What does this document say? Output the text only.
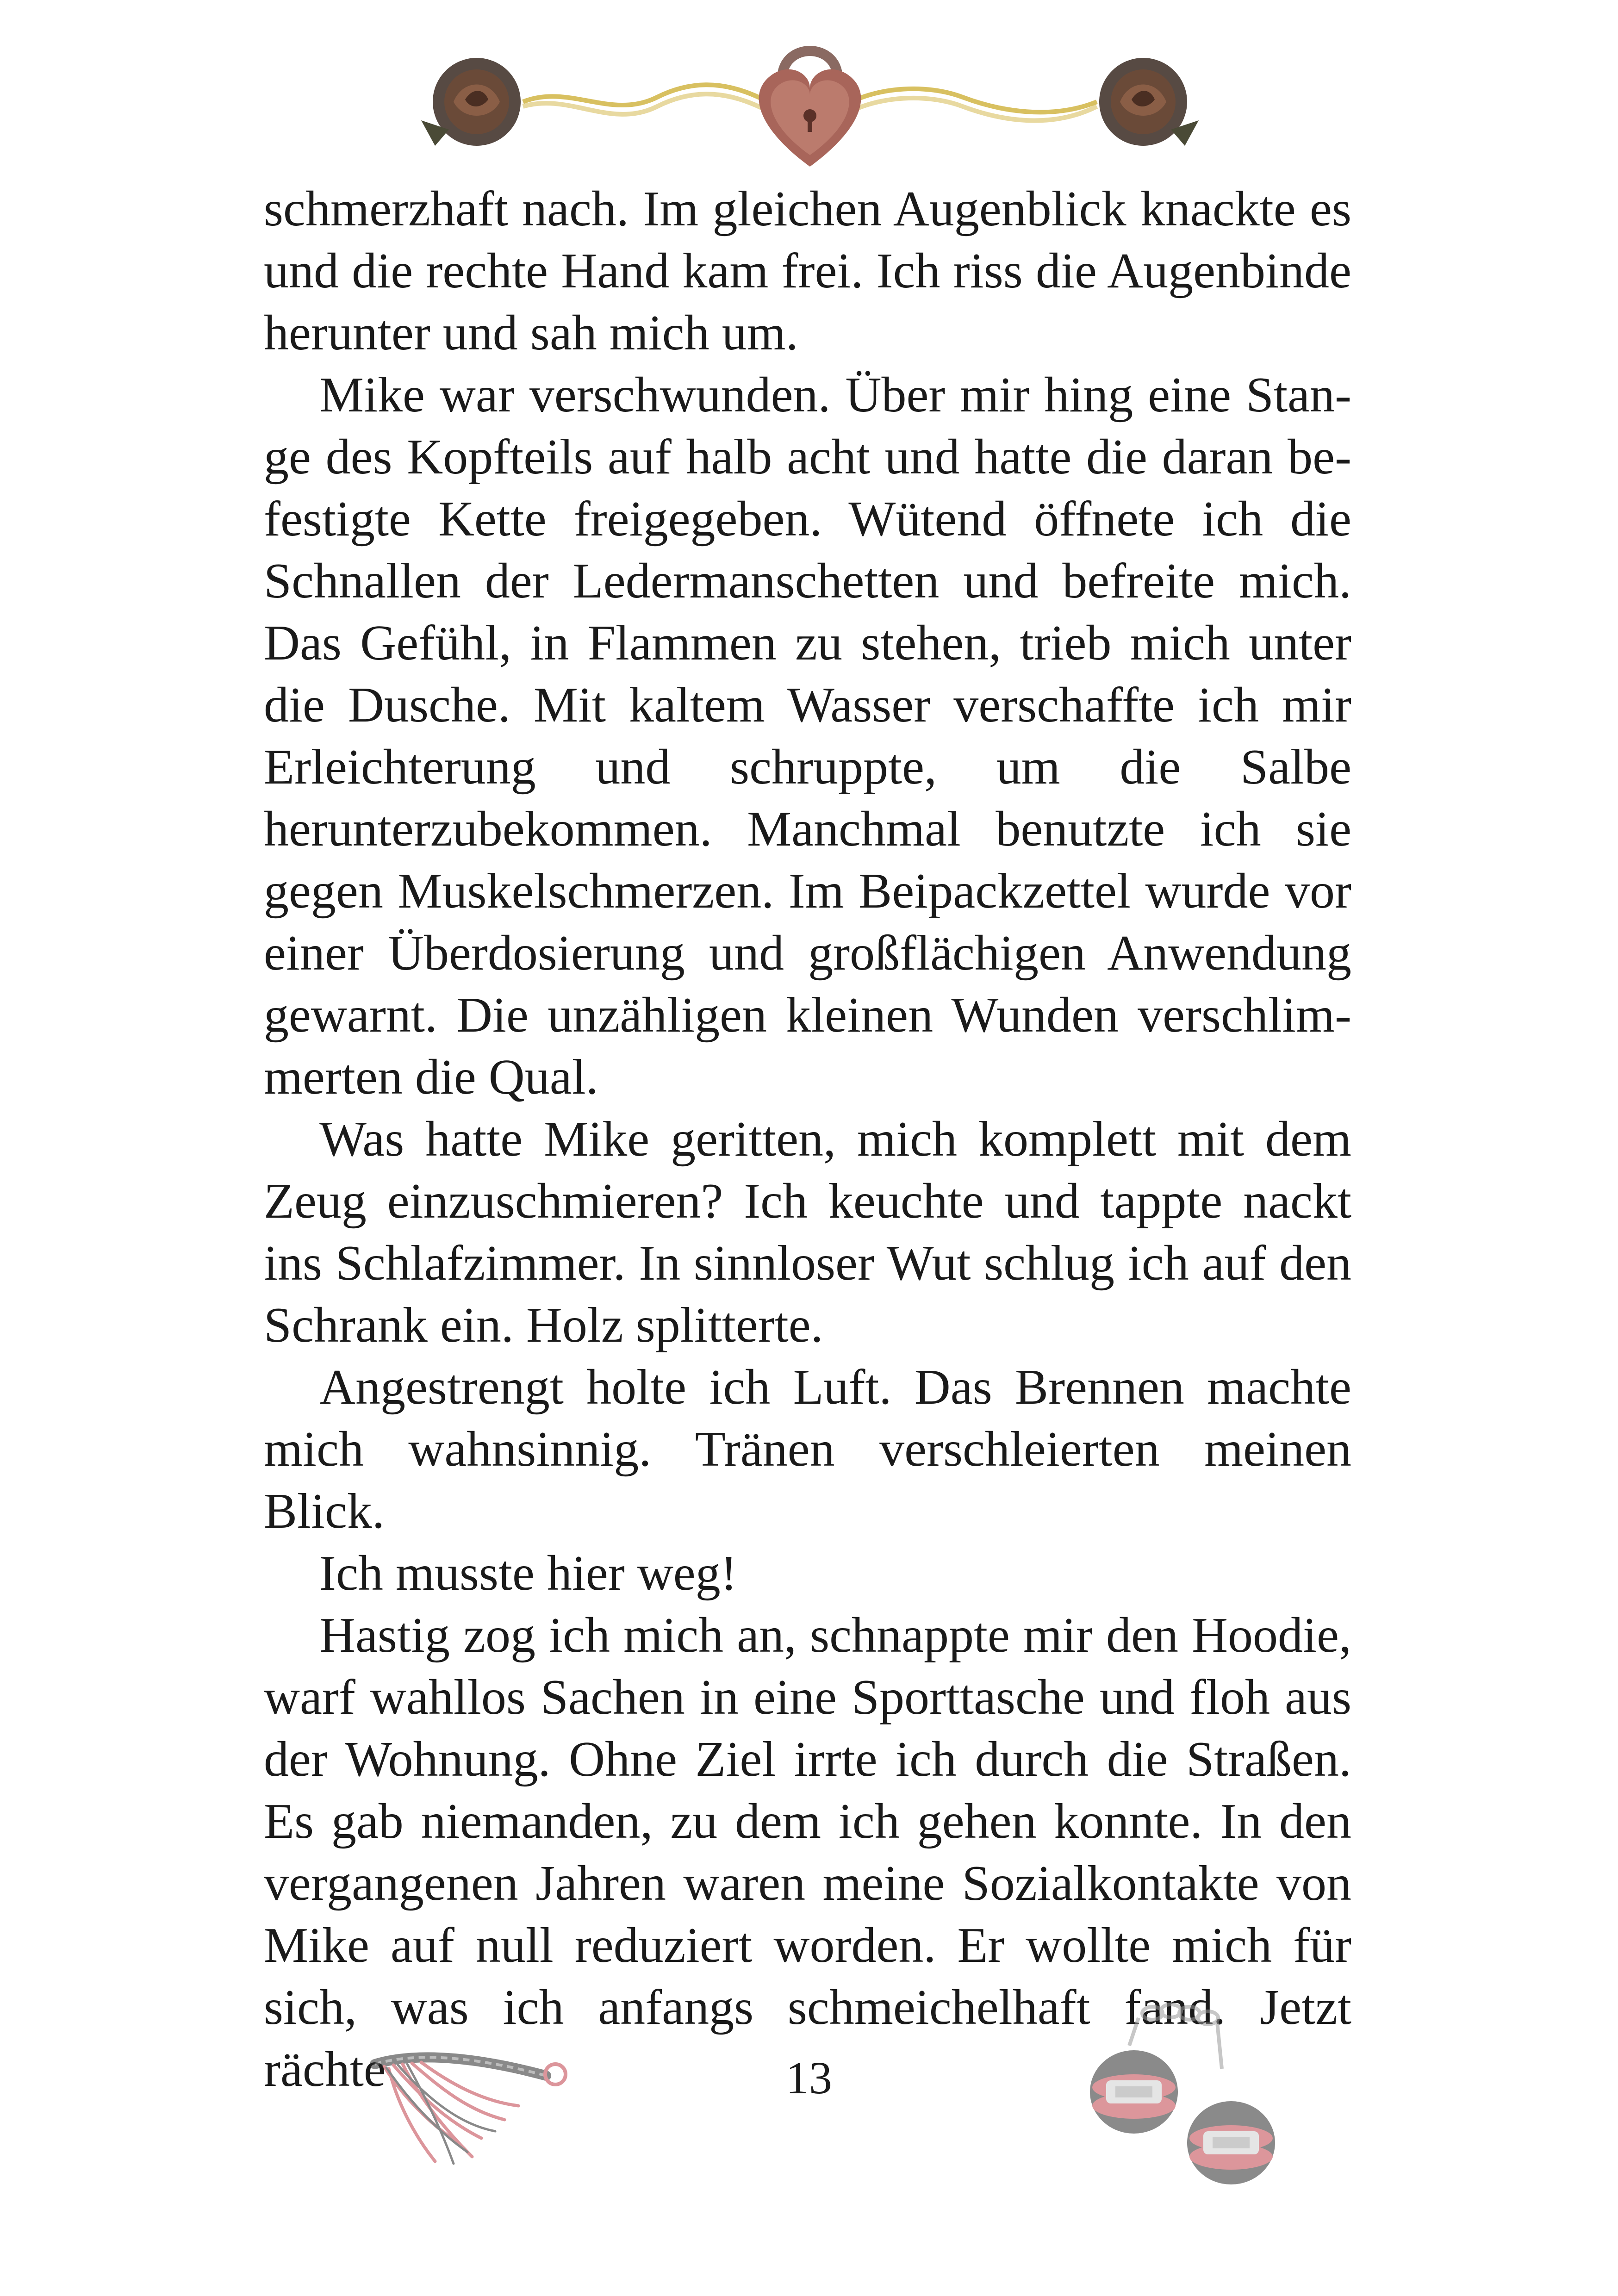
schmerzhaft nach. Im gleichen Augenblick knackte es und die rechte Hand kam frei. Ich riss die Augenbinde herunter und sah mich um.

Mike war verschwunden. Über mir hing eine Stange des Kopfteils auf halb acht und hatte die daran befestigte Kette freigegeben. Wütend öffnete ich die Schnallen der Ledermanschetten und befreite mich. Das Gefühl, in Flammen zu stehen, trieb mich unter die Dusche. Mit kaltem Wasser verschaffte ich mir Erleichterung und schruppte, um die Salbe herunterzubekommen. Manchmal benutzte ich sie gegen Muskelschmerzen. Im Beipackzettel wurde vor einer Überdosierung und großflächigen Anwendung gewarnt. Die unzähligen kleinen Wunden verschlimmerten die Qual.

Was hatte Mike geritten, mich komplett mit dem Zeug einzuschmieren? Ich keuchte und tappte nackt ins Schlafzimmer. In sinnloser Wut schlug ich auf den Schrank ein. Holz splitterte.

Angestrengt holte ich Luft. Das Brennen machte mich wahnsinnig. Tränen verschleierten meinen Blick.

Ich musste hier weg!

Hastig zog ich mich an, schnappte mir den Hoodie, warf wahllos Sachen in eine Sporttasche und floh aus der Wohnung. Ohne Ziel irrte ich durch die Straßen. Es gab niemanden, zu dem ich gehen konnte. In den vergangenen Jahren waren meine Sozialkontakte von Mike auf null reduziert worden. Er wollte mich für sich, was ich anfangs schmeichelhaft fand. Jetzt rächte	13
